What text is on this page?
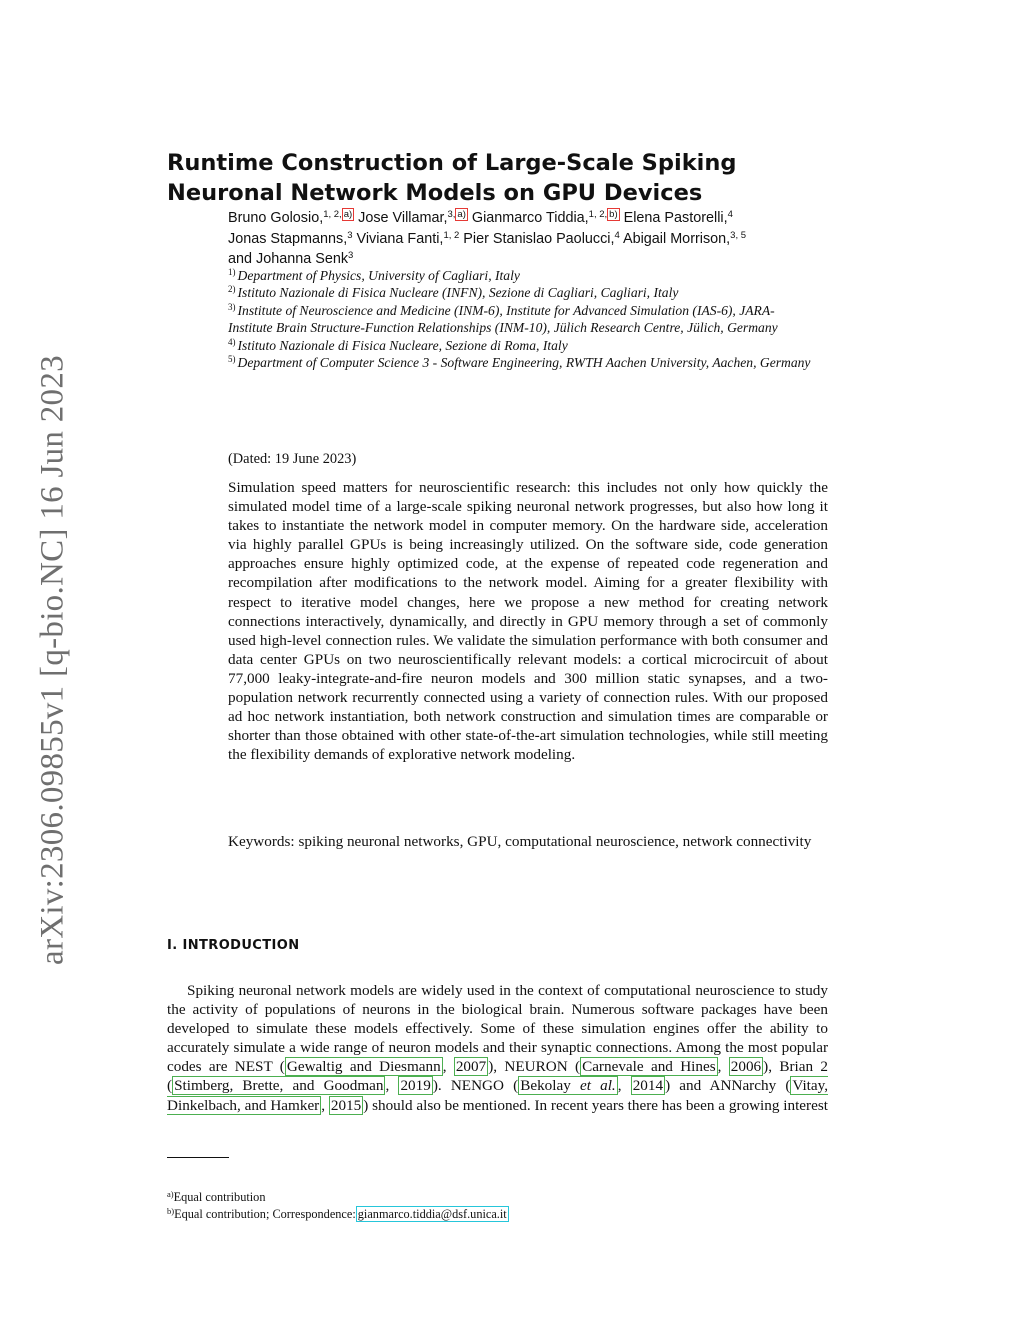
arXiv:2306.09855v1 [q-bio.NC] 16 Jun 2023
Runtime Construction of Large-Scale Spiking Neuronal Network Models on GPU Devices
Bruno Golosio,$^{1, 2,}$ $^{a)}$ Jose Villamar,$^{3,}$ $^{a)}$ Gianmarco Tiddia,$^{1, 2,}$ $^{b)}$ Elena Pastorelli,$^4$
Jonas Stapmanns,$^3$ Viviana Fanti,$^{1, 2}$ Pier Stanislao Paolucci,$^4$ Abigail Morrison,$^{3, 5}$
and Johanna Senk$^3$

$^{1)}$ Department of Physics, University of Cagliari, Italy

$^{2)}$ Istituto Nazionale di Fisica Nucleare (INFN), Sezione di Cagliari, Cagliari, Italy

$^{3)}$ Institute of Neuroscience and Medicine (INM-6), Institute for Advanced Simulation (IAS-6), JARA-Institute Brain Structure-Function Relationships (INM-10), Jülich Research Centre, Jülich, Germany

$^{4)}$ Istituto Nazionale di Fisica Nucleare, Sezione di Roma, Italy

$^{5)}$ Department of Computer Science 3 - Software Engineering, RWTH Aachen University, Aachen, Germany

(Dated: 19 June 2023)

Simulation speed matters for neuroscientific research: this includes not only how quickly the simulated model time of a large-scale spiking neuronal network progresses, but also how long it takes to instantiate the network model in computer memory. On the hardware side, acceleration via highly parallel GPUs is being increasingly utilized. On the software side, code generation approaches ensure highly optimized code, at the expense of repeated code regeneration and recompilation after modifications to the network model. Aiming for a greater flexibility with respect to iterative model changes, here we propose a new method for creating network connections interactively, dynamically, and directly in GPU memory through a set of commonly used high-level connection rules. We validate the simulation performance with both consumer and data center GPUs on two neuroscientifically relevant models: a cortical microcircuit of about 77,000 leaky-integrate-and-fire neuron models and 300 million static synapses, and a two-population network recurrently connected using a variety of connection rules. With our proposed ad hoc network instantiation, both network construction and simulation times are comparable or shorter than those obtained with other state-of-the-art simulation technologies, while still meeting the flexibility demands of explorative network modeling.

Keywords: spiking neuronal networks, GPU, computational neuroscience, network connectivity

I. INTRODUCTION

Spiking neuronal network models are widely used in the context of computational neuroscience to study the activity of populations of neurons in the biological brain. Numerous software packages have been developed to simulate these models effectively. Some of these simulation engines offer the ability to accurately simulate a wide range of neuron models and their synaptic connections. Among the most popular codes are NEST ( Gewaltig and Diesmann , 2007 ), NEURON ( Carnevale and Hines , 2006 ), Brian 2 ( Stimberg, Brette, and Goodman , 2019 ). NENGO ( Bekolay et al. , 2014 ) and ANNarchy ( Vitay, Dinkelbach, and Hamker , 2015 ) should also be mentioned. In recent years there has been a growing interest

$^{a)}$Equal contribution

$^{b)}$Equal contribution; Correspondence: gianmarco.tiddia@dsf.unica.it
